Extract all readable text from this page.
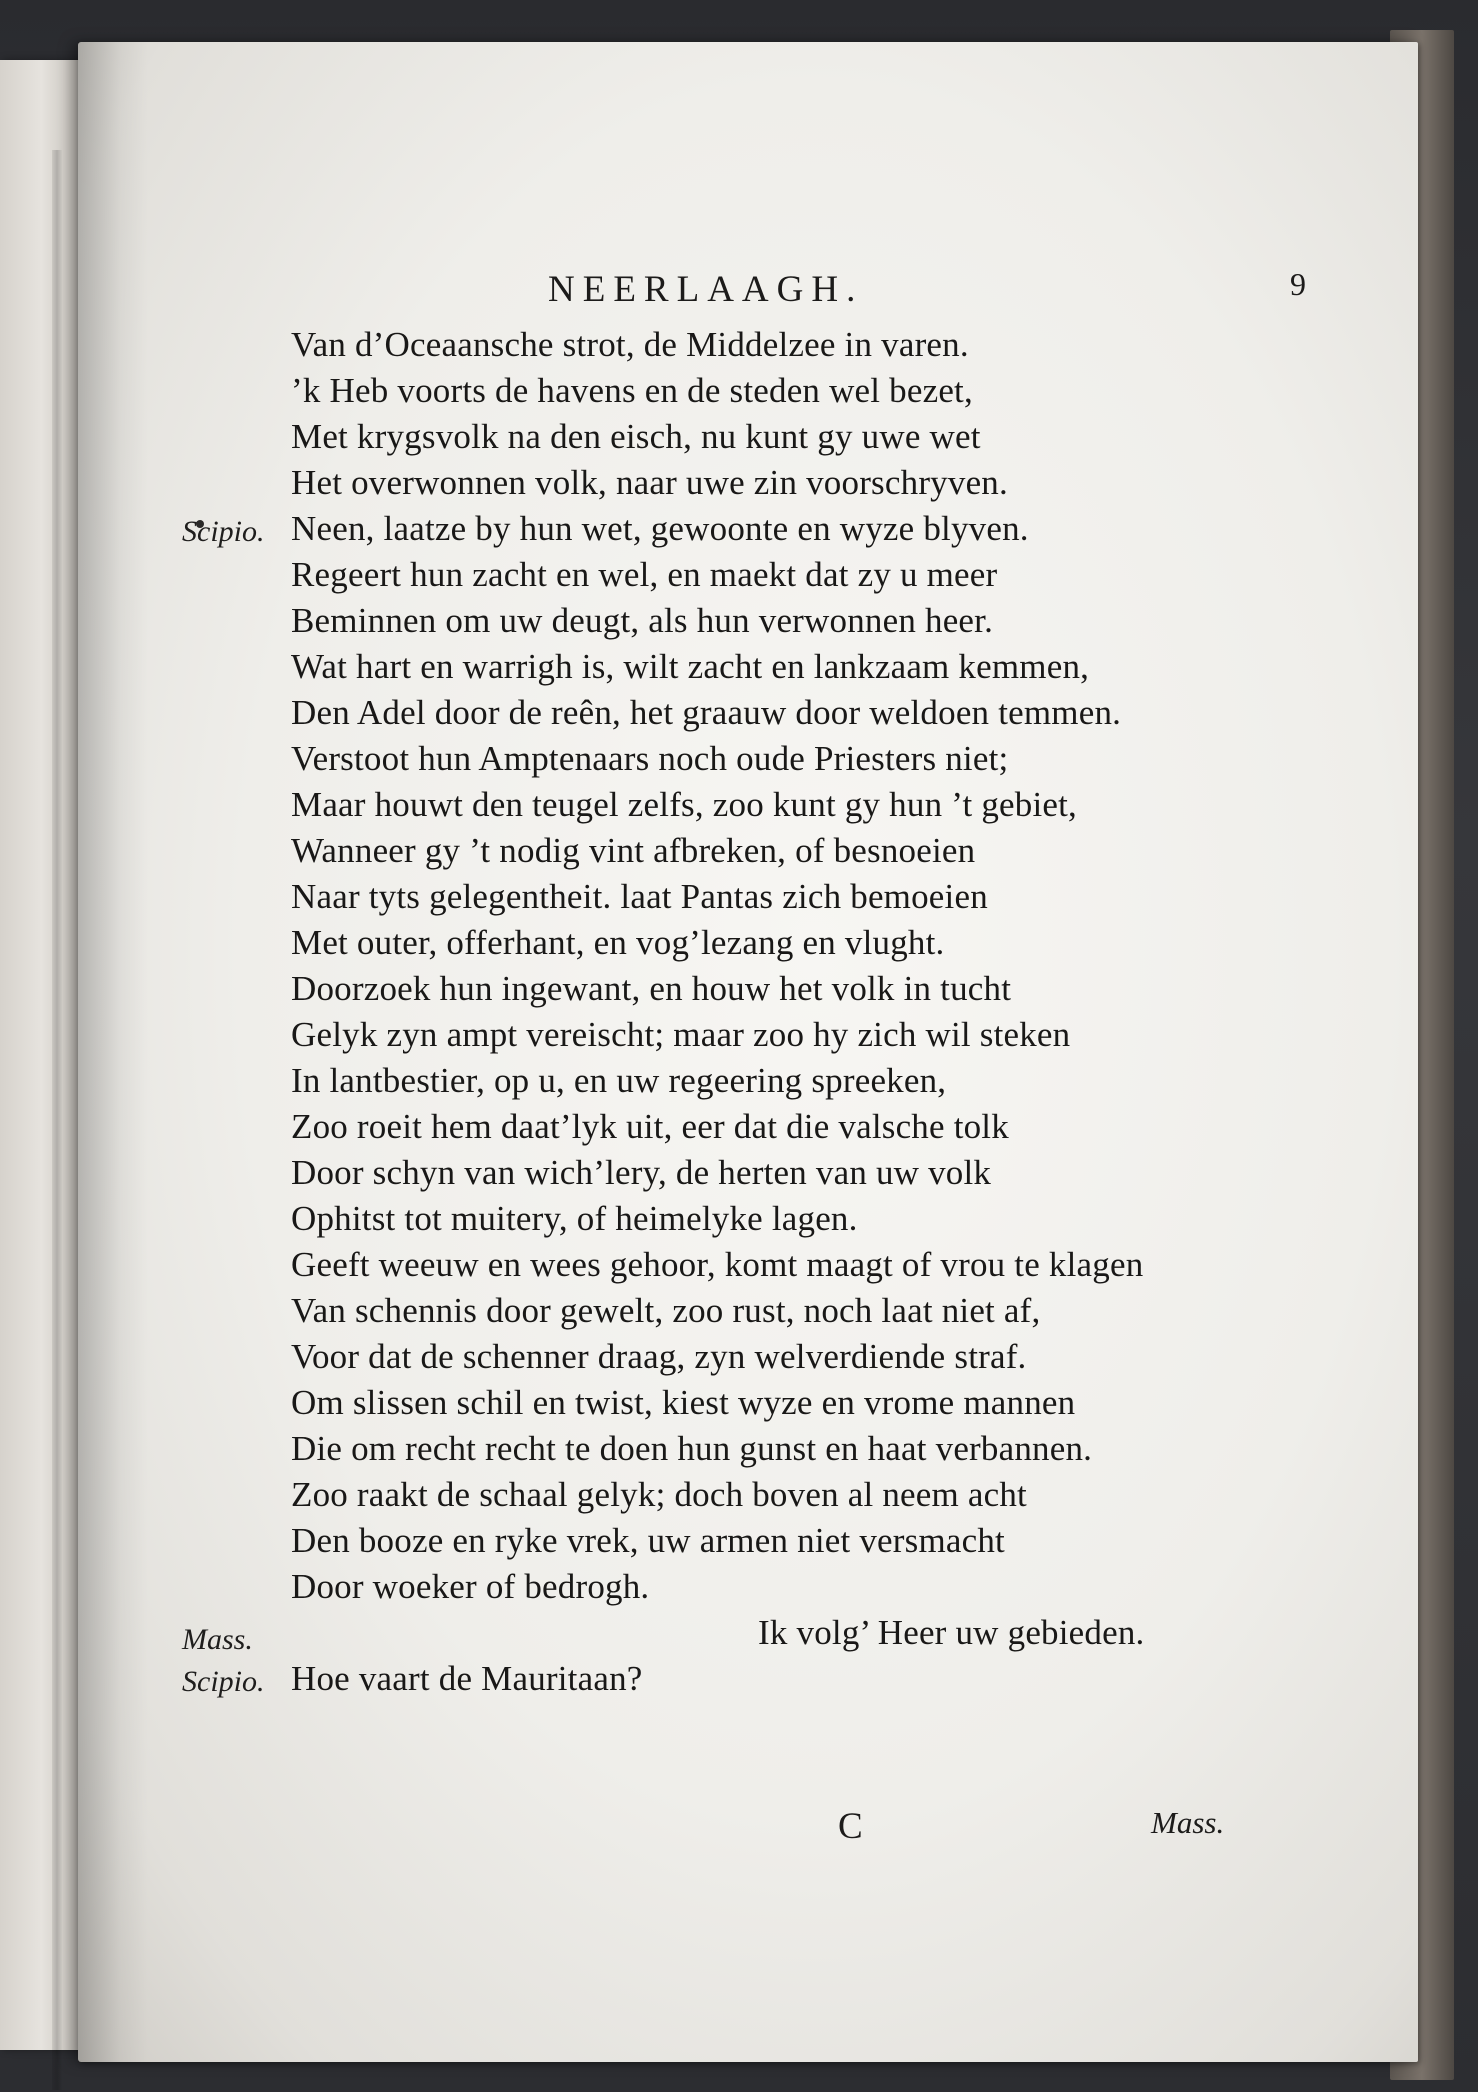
NEERLAAGH.	9
Van d’Oceaansche strot, de Middelzee in varen.
’k Heb voorts de havens en de steden wel bezet,
Met krygsvolk na den eisch, nu kunt gy uwe wet
Het overwonnen volk, naar uwe zin voorschryven.
Scipio. Neen, laatze by hun wet, gewoonte en wyze blyven.
Regeert hun zacht en wel, en maekt dat zy u meer
Beminnen om uw deugt, als hun verwonnen heer.
Wat hart en warrigh is, wilt zacht en lankzaam kemmen,
Den Adel door de reên, het graauw door weldoen temmen.
Verstoot hun Amptenaars noch oude Priesters niet;
Maar houwt den teugel zelfs, zoo kunt gy hun ’t gebiet,
Wanneer gy ’t nodig vint afbreken, of besnoeien
Naar tyts gelegentheit. laat Pantas zich bemoeien
Met outer, offerhant, en vog’lezang en vlught.
Doorzoek hun ingewant, en houw het volk in tucht
Gelyk zyn ampt vereischt; maar zoo hy zich wil steken
In lantbestier, op u, en uw regeering spreeken,
Zoo roeit hem daat’lyk uit, eer dat die valsche tolk
Door schyn van wich’lery, de herten van uw volk
Ophitst tot muitery, of heimelyke lagen.
Geeft weeuw en wees gehoor, komt maagt of vrou te klagen
Van schennis door gewelt, zoo rust, noch laat niet af,
Voor dat de schenner draag, zyn welverdiende straf.
Om slissen schil en twist, kiest wyze en vrome mannen
Die om recht recht te doen hun gunst en haat verbannen.
Zoo raakt de schaal gelyk; doch boven al neem acht
Den booze en ryke vrek, uw armen niet versmacht
Door woeker of bedrogh.
Mass.	Ik volg’ Heer uw gebieden.
Scipio. Hoe vaart de Mauritaan?
C	Mass.
